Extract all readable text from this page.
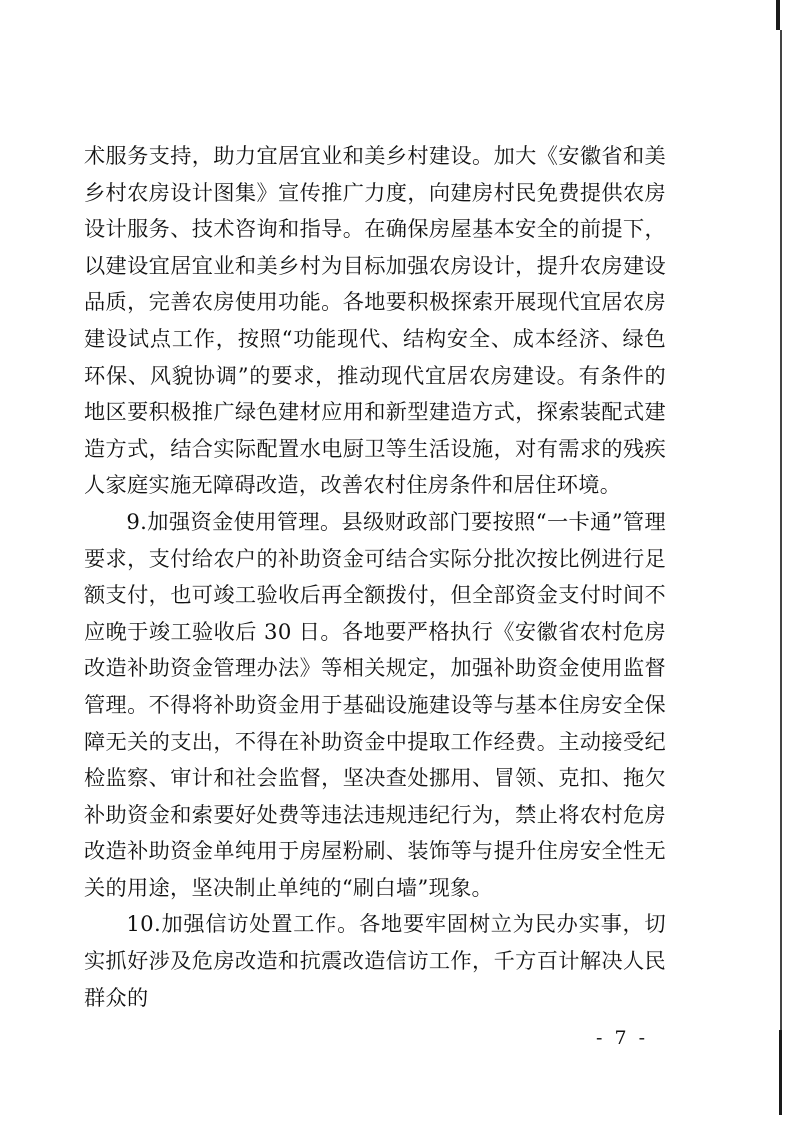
术服务支持，助力宜居宜业和美乡村建设。加大《安徽省和美乡村农房设计图集》宣传推广力度，向建房村民免费提供农房设计服务、技术咨询和指导。在确保房屋基本安全的前提下，以建设宜居宜业和美乡村为目标加强农房设计，提升农房建设品质，完善农房使用功能。各地要积极探索开展现代宜居农房建设试点工作，按照“功能现代、结构安全、成本经济、绿色环保、风貌协调”的要求，推动现代宜居农房建设。有条件的地区要积极推广绿色建材应用和新型建造方式，探索装配式建造方式，结合实际配置水电厨卫等生活设施，对有需求的残疾人家庭实施无障碍改造，改善农村住房条件和居住环境。

9.加强资金使用管理。县级财政部门要按照“一卡通”管理要求，支付给农户的补助资金可结合实际分批次按比例进行足额支付，也可竣工验收后再全额拨付，但全部资金支付时间不应晚于竣工验收后 30 日。各地要严格执行《安徽省农村危房改造补助资金管理办法》等相关规定，加强补助资金使用监督管理。不得将补助资金用于基础设施建设等与基本住房安全保障无关的支出，不得在补助资金中提取工作经费。主动接受纪检监察、审计和社会监督，坚决查处挪用、冒领、克扣、拖欠补助资金和索要好处费等违法违规违纪行为，禁止将农村危房改造补助资金单纯用于房屋粉刷、装饰等与提升住房安全性无关的用途，坚决制止单纯的“刷白墙”现象。

10.加强信访处置工作。各地要牢固树立为民办实事，切实抓好涉及危房改造和抗震改造信访工作，千方百计解决人民群众的

- 7 -
